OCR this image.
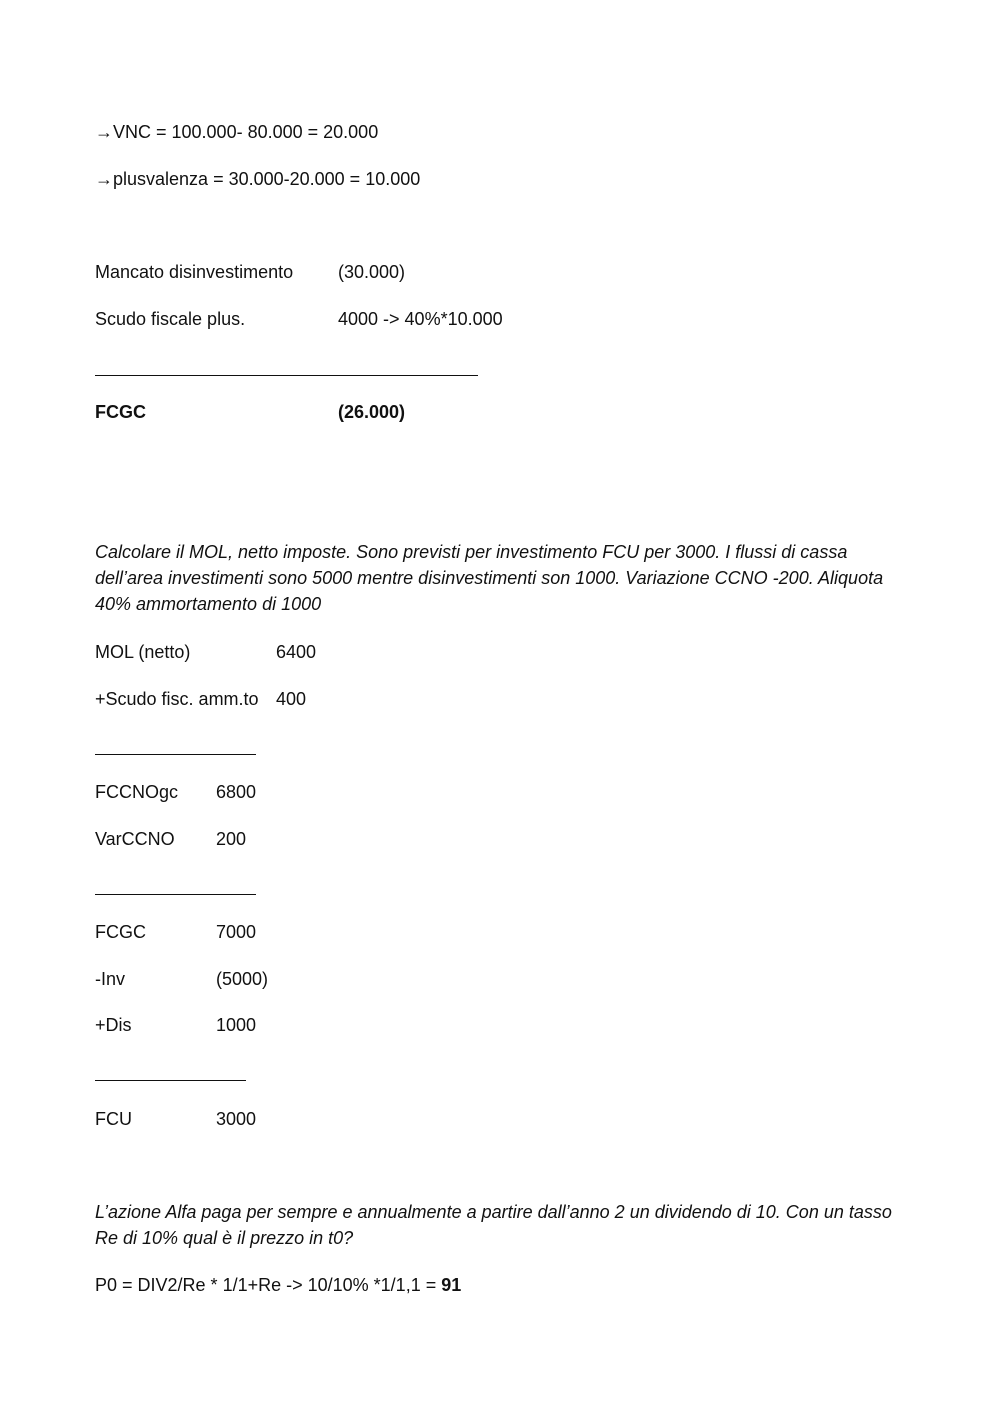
→VNC = 100.000- 80.000 = 20.000
→plusvalenza = 30.000-20.000 = 10.000
Mancato disinvestimento (30.000)
Scudo fiscale plus.	4000 -> 40%*10.000
FCGC	(26.000)

Calcolare il MOL, netto imposte. Sono previsti per investimento FCU per 3000. I flussi di cassa

dell’area investimenti sono 5000 mentre disinvestimenti son 1000. Variazione CCNO -200. Aliquota

40% ammortamento di 1000

MOL (netto)	6400
+Scudo fisc. amm.to 400
FCCNOgc 6800
VarCCNO 200
FCGC	7000
-Inv	(5000)
+Dis	1000
FCU	3000

L’azione Alfa paga per sempre e annualmente a partire dall’anno 2 un dividendo di 10. Con un tasso

Re di 10% qual è il prezzo in t0?

P0 = DIV2/Re * 1/1+Re -> 10/10% *1/1,1 = 91
